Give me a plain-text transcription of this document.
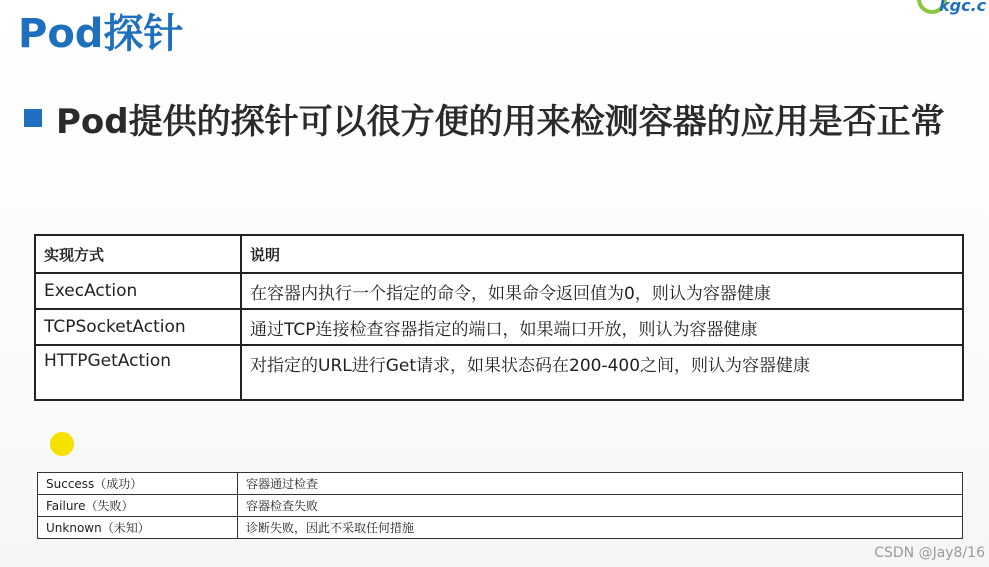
Pod探针
kgc.c
Pod提供的探针可以很方便的用来检测容器的应用是否正常
实现方式	说明
ExecAction	在容器内执行一个指定的命令，如果命令返回值为0，则认为容器健康
TCPSocketAction	通过TCP连接检查容器指定的端口，如果端口开放，则认为容器健康
HTTPGetAction	对指定的URL进行Get请求，如果状态码在200-400之间，则认为容器健康
Success（成功）	容器通过检查
Failure（失败）	容器检查失败
Unknown（未知）	诊断失败，因此不采取任何措施
CSDN @Jay8/16
